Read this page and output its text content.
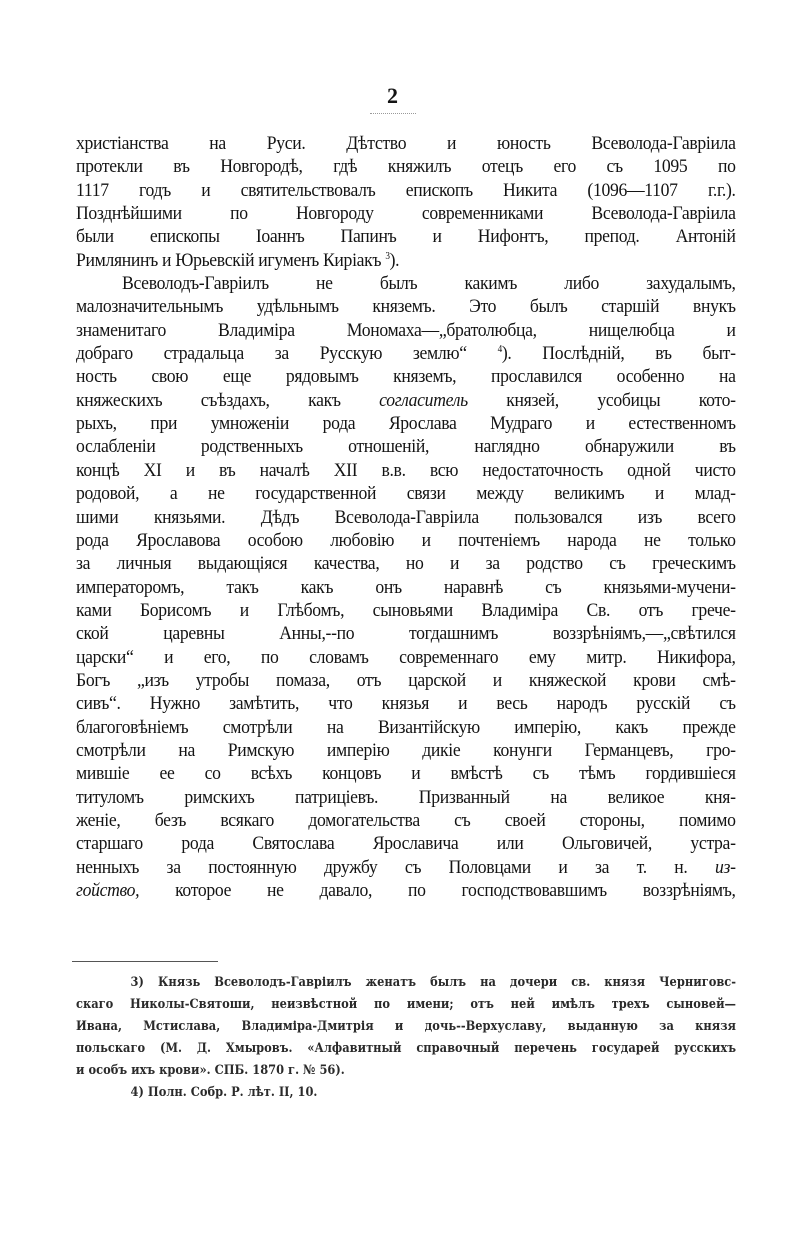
2
христіанства на Руси. Дѣтство и юность Всеволода-Гавріила
протекли въ Новгородѣ, гдѣ княжилъ отецъ его съ 1095 по
1117 годъ и святительствовалъ епископъ Никита (1096—1107 г.г.).
Позднѣйшими по Новгороду современниками Всеволода-Гавріила
были епископы Іоаннъ Папинъ и Нифонтъ, препод. Антоній
Римлянинъ и Юрьевскій игуменъ Киріакъ $^3$).
Всеволодъ-Гавріилъ не былъ какимъ либо захудалымъ,
малозначительнымъ удѣльнымъ княземъ. Это былъ старшій внукъ
знаменитаго Владиміра Мономаха—„братолюбца, нищелюбца и
добраго страдальца за Русскую землю“	$^4$). Послѣдній, въ быт-
ность свою еще рядовымъ княземъ, прославился особенно на
княжескихъ съѣздахъ, какъ согласитель князей, усобицы кото-
рыхъ, при умноженіи рода Ярослава Мудраго и естественномъ
ослабленіи родственныхъ отношеній, наглядно обнаружили въ
концѣ XI и въ началѣ XII в.в. всю недостаточность одной чисто
родовой, а не государственной связи между великимъ и млад-
шими князьями. Дѣдъ Всеволода-Гавріила пользовался изъ всего
рода Ярославова особою любовію и почтеніемъ народа не только
за личныя выдающіяся качества, но и за родство съ греческимъ
императоромъ, такъ какъ онъ наравнѣ съ князьями-мучени-
ками Борисомъ и Глѣбомъ, сыновьями Владиміра Св. отъ грече-
ской царевны Анны,--по тогдашнимъ воззрѣніямъ,—„свѣтился
царски“ и его, по словамъ современнаго ему митр. Никифора,
Богъ „изъ утробы помаза, отъ царской и княжеской крови смѣ-
сивъ“. Нужно замѣтить, что князья и весь народъ русскій съ
благоговѣніемъ смотрѣли на Византійскую имперію, какъ прежде
смотрѣли на Римскую имперію дикіе конунги Германцевъ, гро-
мившіе ее со всѣхъ концовъ и вмѣстѣ съ тѣмъ гордившіеся
титуломъ римскихъ патриціевъ. Призванный на великое кня-
женіе, безъ всякаго домогательства съ своей стороны, помимо
старшаго рода Святослава Ярославича или Ольговичей, устра-
ненныхъ за постоянную дружбу съ Половцами и за т. н. из-
гойство, которое не давало, по господствовавшимъ воззрѣніямъ,
3) Князь Всеволодъ-Гавріилъ женатъ былъ на дочери св. князя Черниговс-
скаго Николы-Святоши, неизвѣстной по имени; отъ ней имѣлъ трехъ сыновей—
Ивана, Мстислава, Владиміра-Дмитрія и дочь--Верхуславу, выданную за князя
польскаго (М. Д. Хмыровъ. «Алфавитный справочный перечень государей русскихъ
и особъ ихъ крови». СПБ. 1870 г. № 56).
4) Полн. Собр. Р. лѣт. II, 10.
